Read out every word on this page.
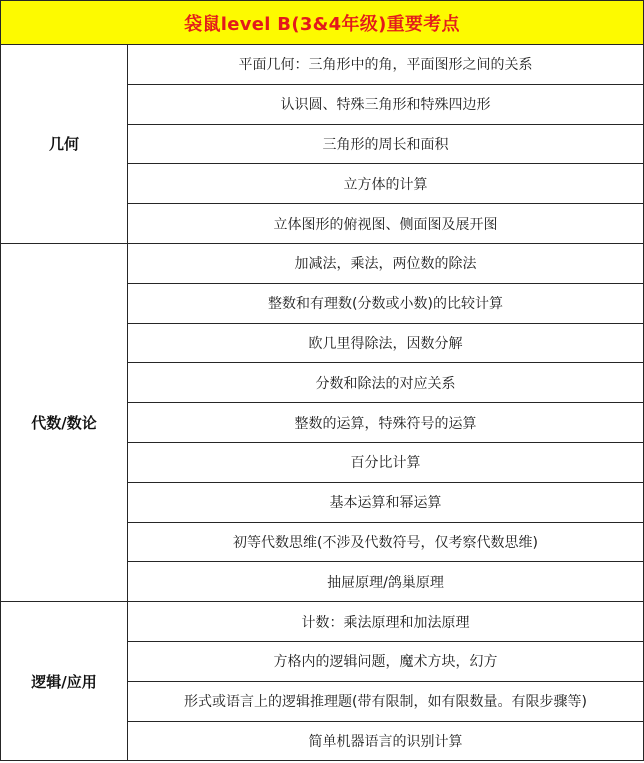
袋鼠level B(3&4年级)重要考点	
几何	平面几何：三角形中的角，平面图形之间的关系
	认识圆、特殊三角形和特殊四边形
	三角形的周长和面积
	立方体的计算
	立体图形的俯视图、侧面图及展开图
代数/数论	加减法，乘法，两位数的除法
	整数和有理数(分数或小数)的比较计算
	欧几里得除法，因数分解
	分数和除法的对应关系
	整数的运算，特殊符号的运算
	百分比计算
	基本运算和幂运算
	初等代数思维(不涉及代数符号，仅考察代数思维)
	抽屉原理/鸽巢原理
逻辑/应用	计数：乘法原理和加法原理
	方格内的逻辑问题，魔术方块，幻方
	形式或语言上的逻辑推理题(带有限制，如有限数量。有限步骤等)
	简单机器语言的识别计算
